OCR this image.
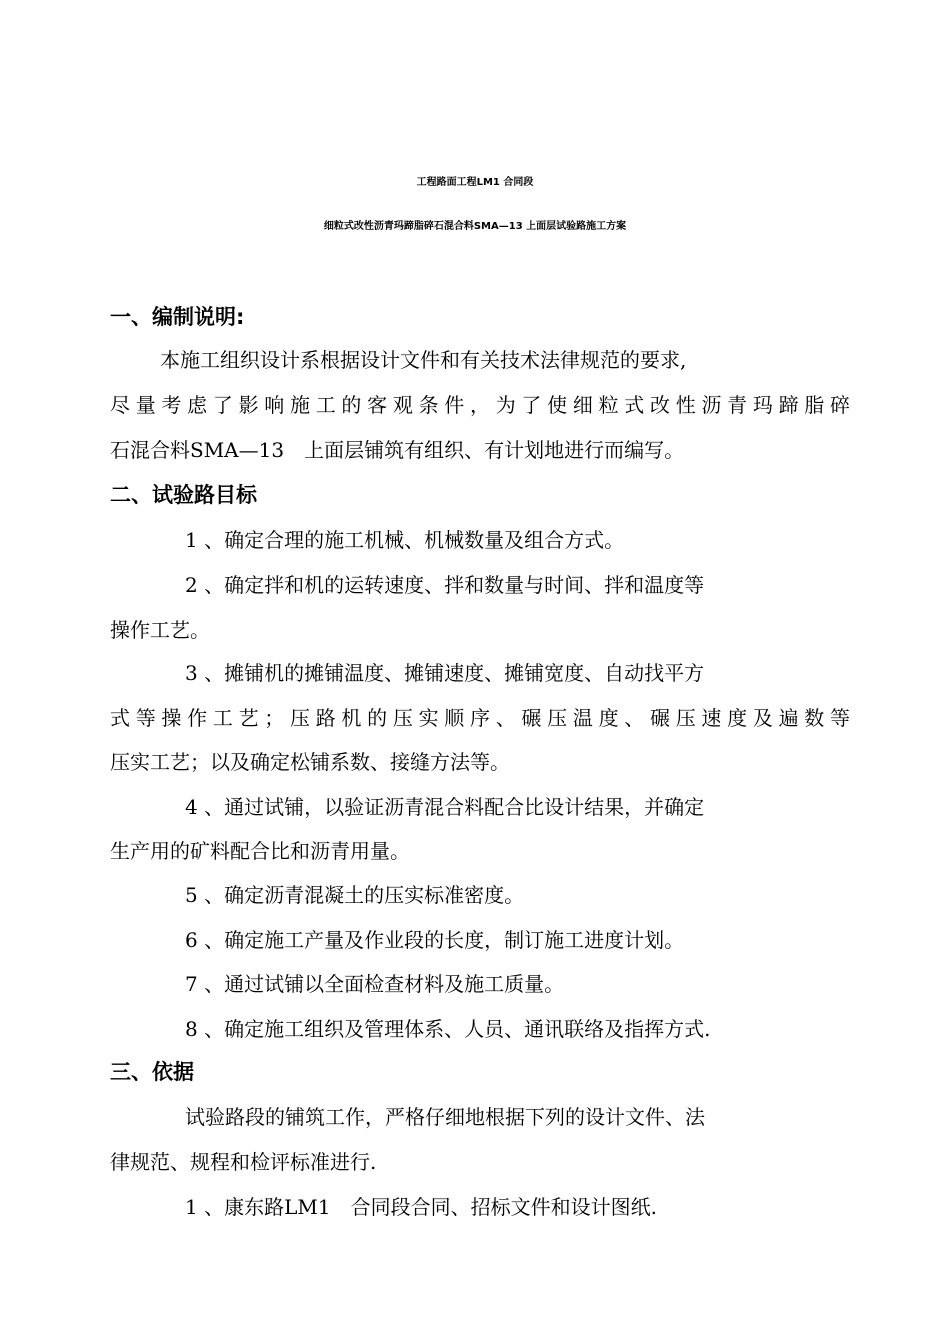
工程路面工程LM1 合同段
细粒式改性沥青玛蹄脂碎石混合料SMA—13 上面层试验路施工方案
一、编制说明:
本施工组织设计系根据设计文件和有关技术法律规范的要求,
尽量考虑了影响施工的客观条件，为了使细粒式改性沥青玛蹄脂碎
石混合料SMA—13　上面层铺筑有组织、有计划地进行而编写。
二、试验路目标
1 、确定合理的施工机械、机械数量及组合方式。
2 、确定拌和机的运转速度、拌和数量与时间、拌和温度等
操作工艺。
3 、摊铺机的摊铺温度、摊铺速度、摊铺宽度、自动找平方
式等操作工艺；压路机的压实顺序、碾压温度、碾压速度及遍数等
压实工艺；以及确定松铺系数、接缝方法等。
4 、通过试铺，以验证沥青混合料配合比设计结果，并确定
生产用的矿料配合比和沥青用量。
5 、确定沥青混凝土的压实标准密度。
6 、确定施工产量及作业段的长度，制订施工进度计划。
7 、通过试铺以全面检查材料及施工质量。
8 、确定施工组织及管理体系、人员、通讯联络及指挥方式.
三、依据
试验路段的铺筑工作，严格仔细地根据下列的设计文件、法
律规范、规程和检评标准进行.
1 、康东路LM1　合同段合同、招标文件和设计图纸.
